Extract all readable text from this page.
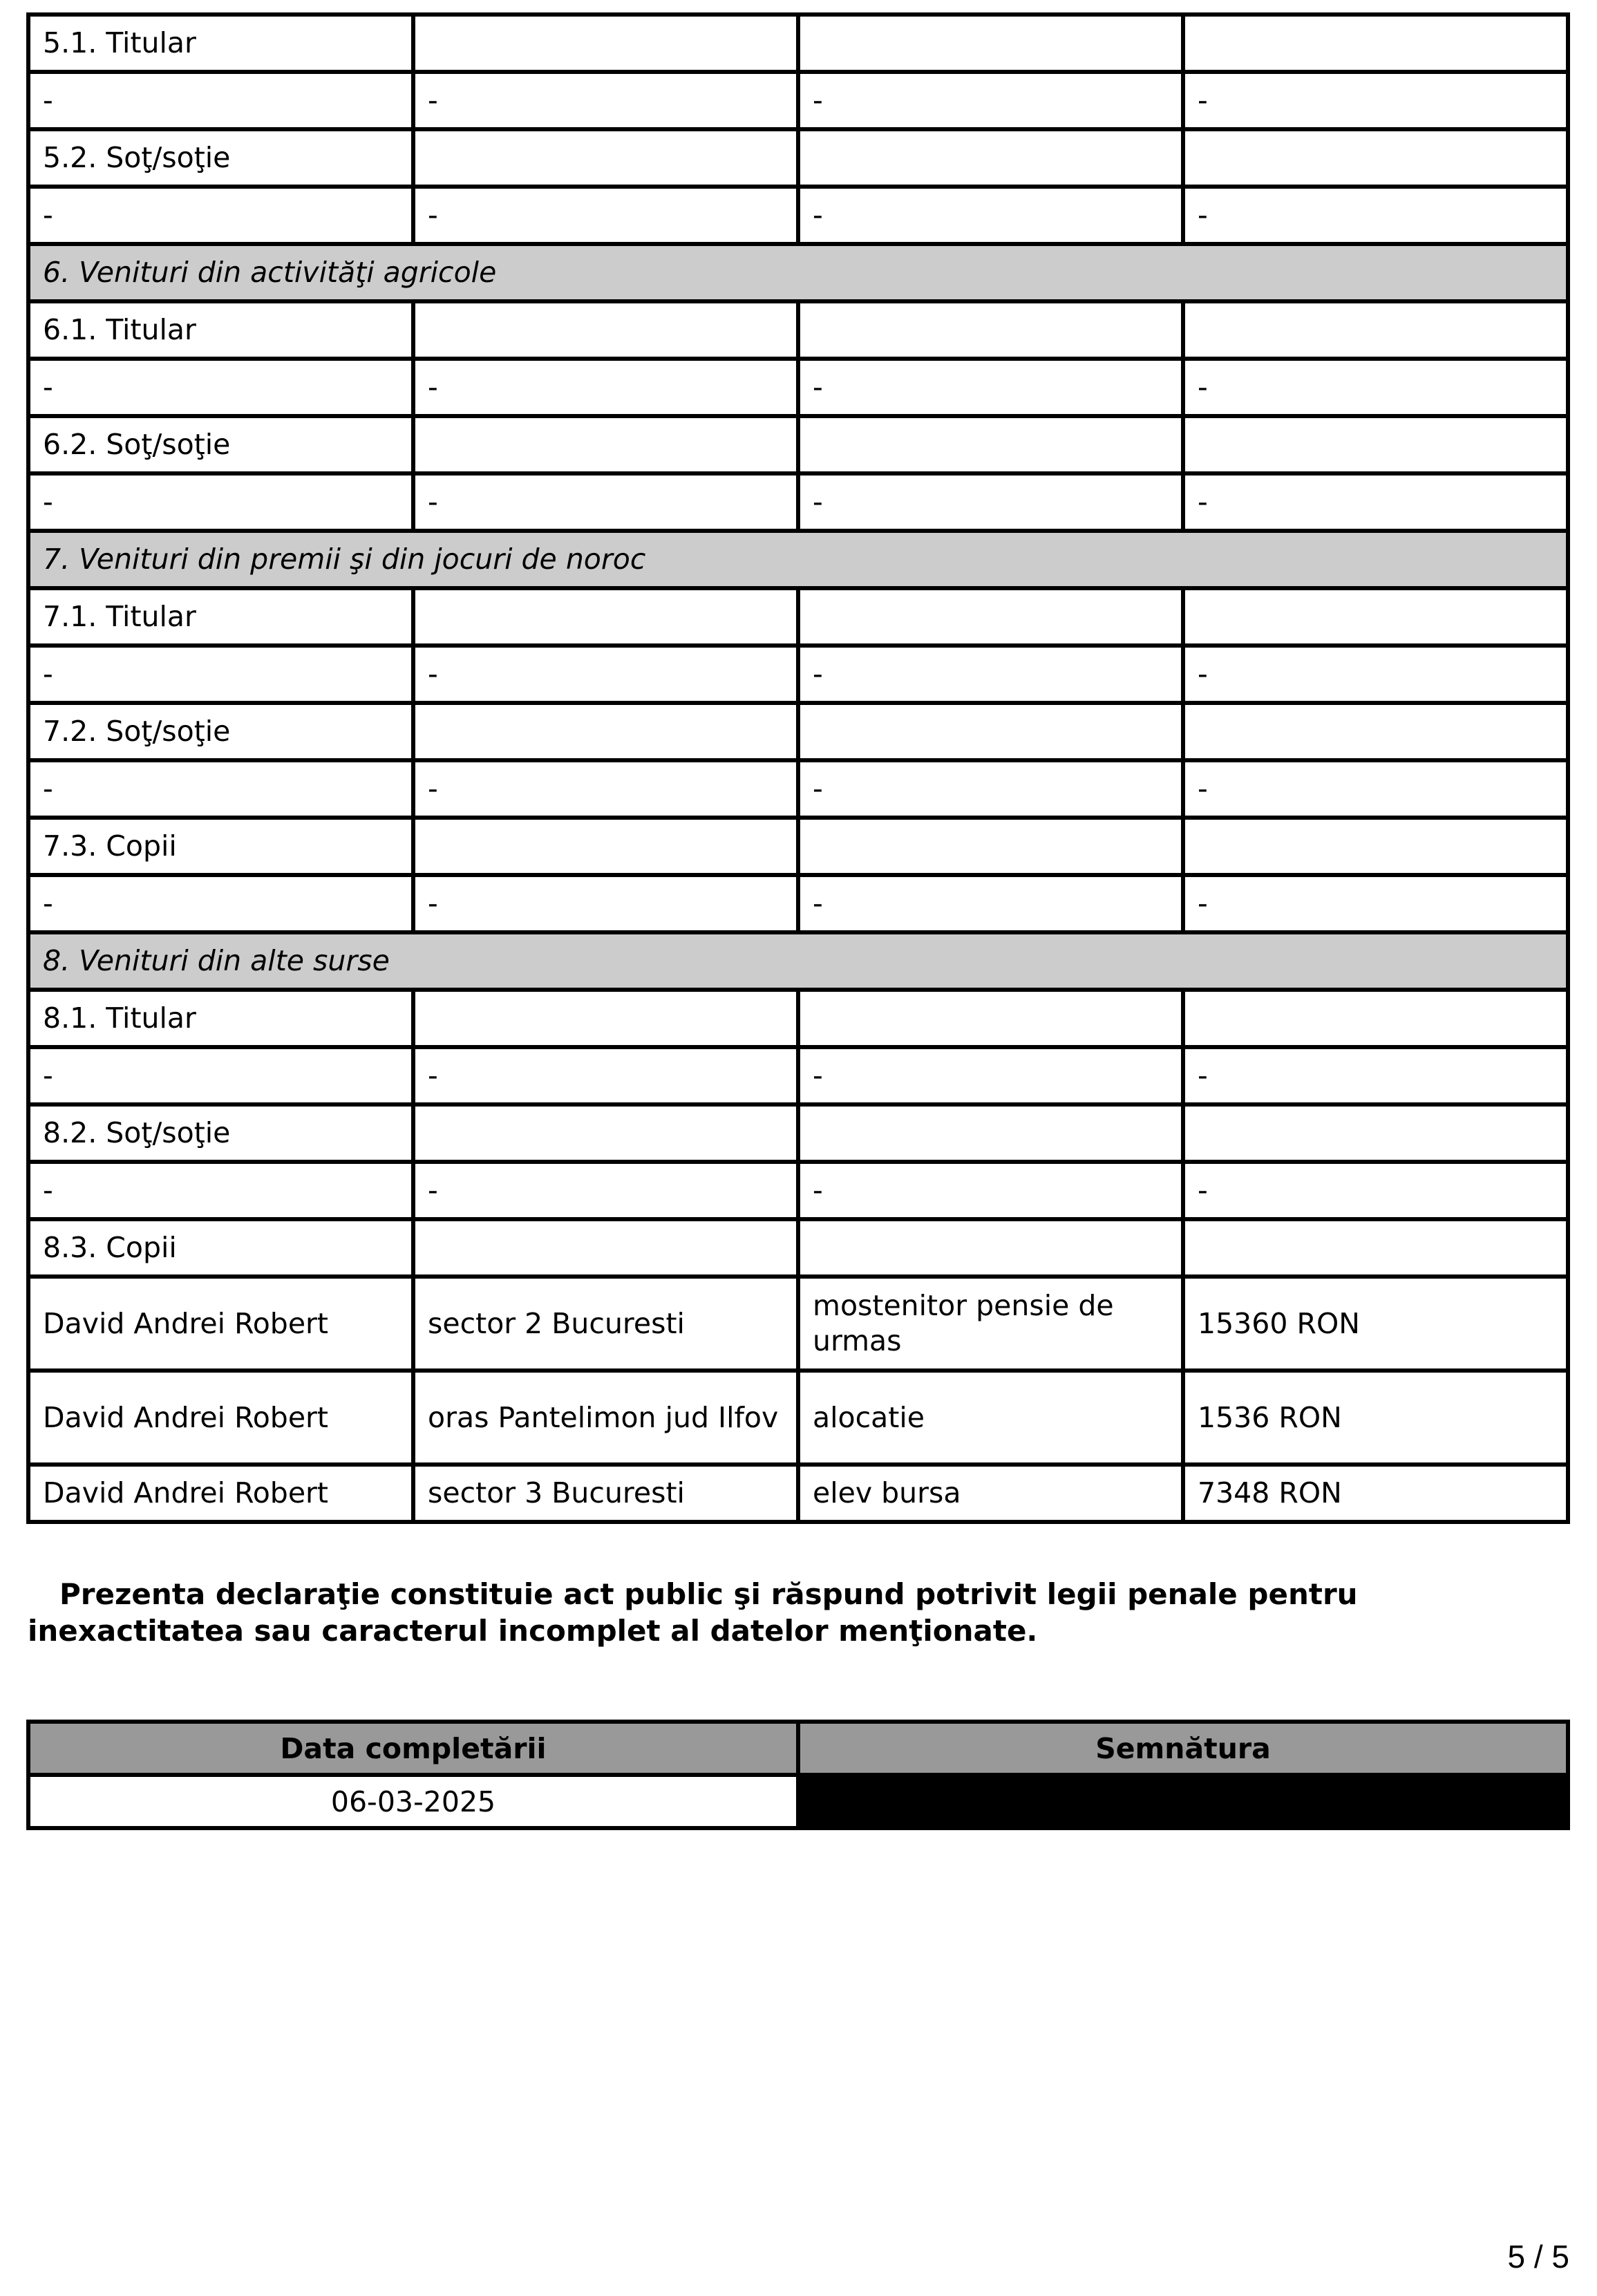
5.1. Titular			
-	-	-	-
5.2. Soţ/soţie			
-	-	-	-
6. Venituri din activităţi agricole			
6.1. Titular			
-	-	-	-
6.2. Soţ/soţie			
-	-	-	-
7. Venituri din premii şi din jocuri de noroc			
7.1. Titular			
-	-	-	-
7.2. Soţ/soţie			
-	-	-	-
7.3. Copii			
-	-	-	-
8. Venituri din alte surse			
8.1. Titular			
-	-	-	-
8.2. Soţ/soţie			
-	-	-	-
8.3. Copii			
David Andrei Robert	sector 2 Bucuresti	mostenitor pensie de urmas	15360 RON
David Andrei Robert	oras Pantelimon jud Ilfov	alocatie	1536 RON
David Andrei Robert	sector 3 Bucuresti	elev bursa	7348 RON

Prezenta declaraţie constituie act public şi răspund potrivit legii penale pentru inexactitatea sau caracterul incomplet al datelor menţionate.

Data completării	Semnătura
06-03-2025	
5 / 5
